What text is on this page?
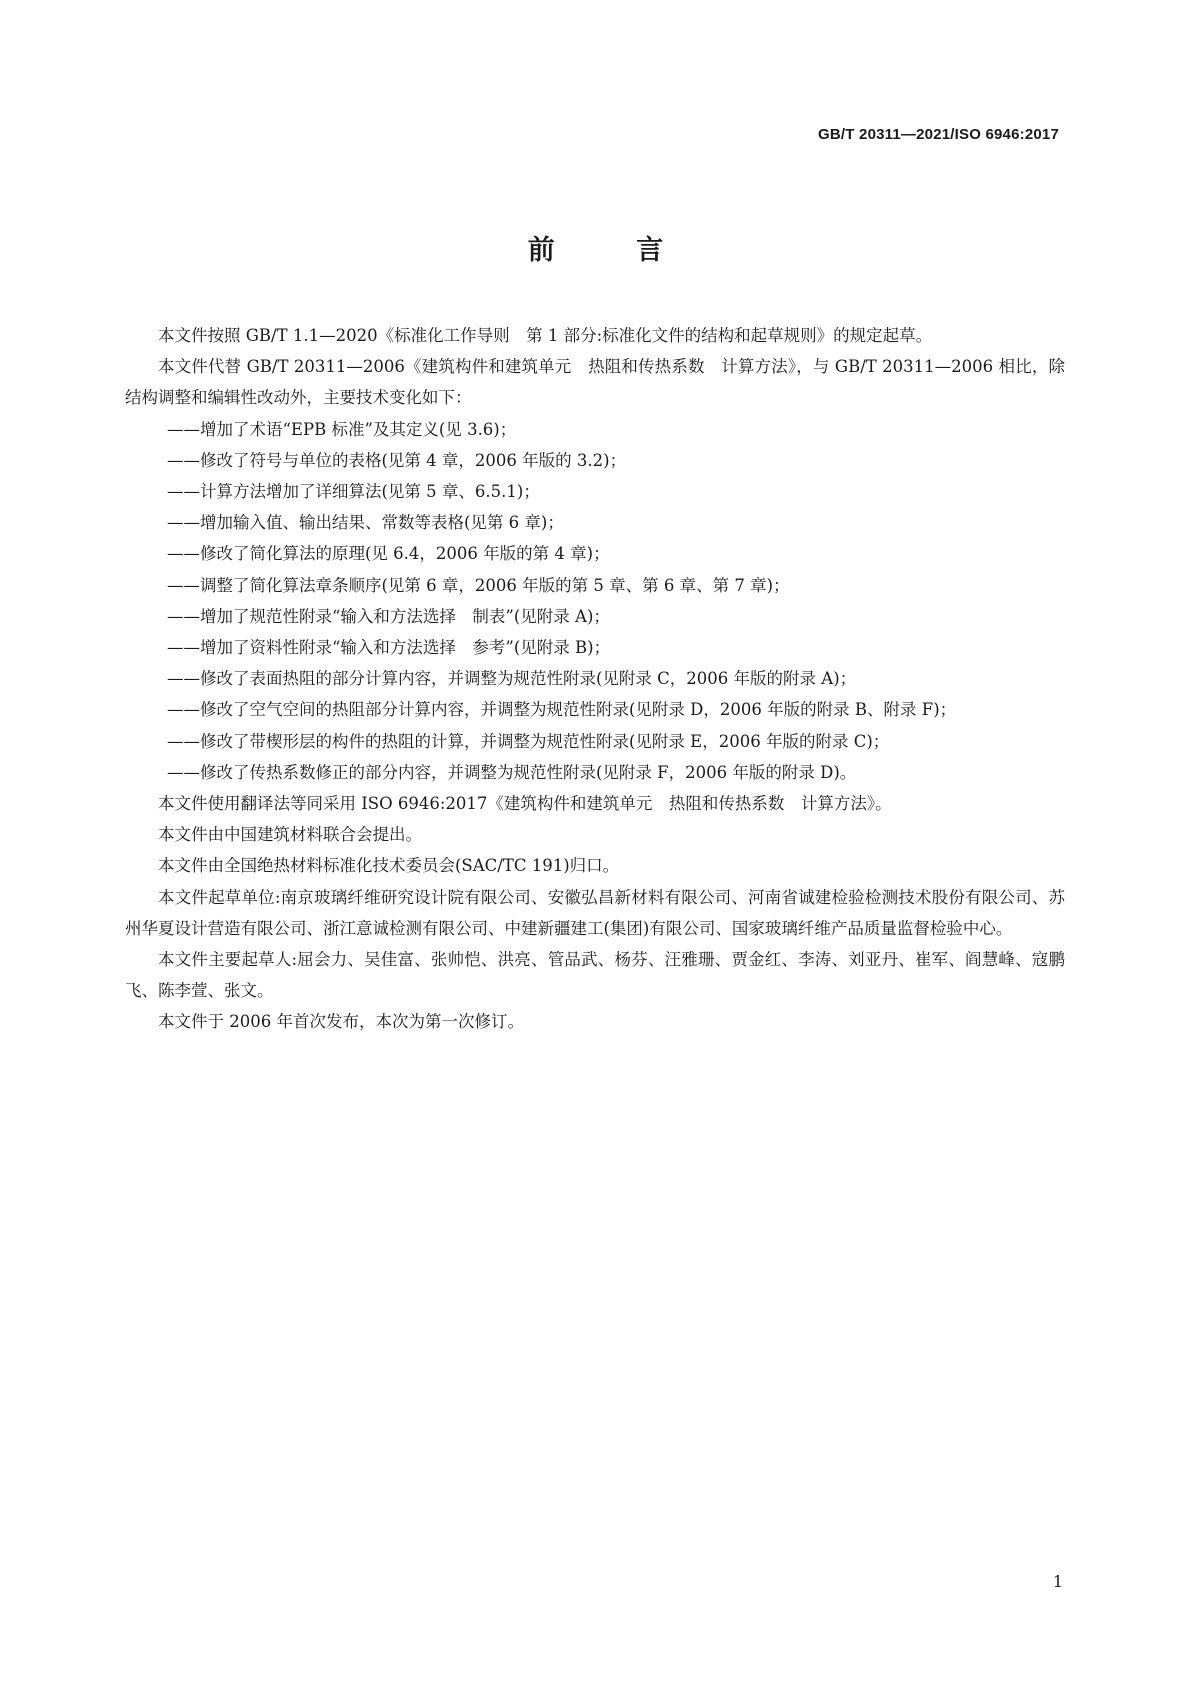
GB/T 20311—2021/ISO 6946:2017
前 言

本文件按照 GB/T 1.1—2020《标准化工作导则　第 1 部分:标准化文件的结构和起草规则》的规定起草。

本文件代替 GB/T 20311—2006《建筑构件和建筑单元　热阻和传热系数　计算方法》，与 GB/T 20311—2006 相比，除结构调整和编辑性改动外，主要技术变化如下：

——增加了术语“EPB 标准”及其定义(见 3.6)；

——修改了符号与单位的表格(见第 4 章，2006 年版的 3.2)；

——计算方法增加了详细算法(见第 5 章、6.5.1)；

——增加输入值、输出结果、常数等表格(见第 6 章)；

——修改了简化算法的原理(见 6.4，2006 年版的第 4 章)；

——调整了简化算法章条顺序(见第 6 章，2006 年版的第 5 章、第 6 章、第 7 章)；

——增加了规范性附录“输入和方法选择　制表”(见附录 A)；

——增加了资料性附录“输入和方法选择　参考”(见附录 B)；

——修改了表面热阻的部分计算内容，并调整为规范性附录(见附录 C，2006 年版的附录 A)；

——修改了空气空间的热阻部分计算内容，并调整为规范性附录(见附录 D，2006 年版的附录 B、附录 F)；

——修改了带楔形层的构件的热阻的计算，并调整为规范性附录(见附录 E，2006 年版的附录 C)；

——修改了传热系数修正的部分内容，并调整为规范性附录(见附录 F，2006 年版的附录 D)。

本文件使用翻译法等同采用 ISO 6946:2017《建筑构件和建筑单元　热阻和传热系数　计算方法》。

本文件由中国建筑材料联合会提出。

本文件由全国绝热材料标准化技术委员会(SAC/TC 191)归口。

本文件起草单位:南京玻璃纤维研究设计院有限公司、安徽弘昌新材料有限公司、河南省诚建检验检测技术股份有限公司、苏州华夏设计营造有限公司、浙江意诚检测有限公司、中建新疆建工(集团)有限公司、国家玻璃纤维产品质量监督检验中心。

本文件主要起草人:屈会力、吴佳富、张帅恺、洪亮、管品武、杨芬、汪雅珊、贾金红、李涛、刘亚丹、崔军、阎慧峰、寇鹏飞、陈李萱、张文。

本文件于 2006 年首次发布，本次为第一次修订。

1
